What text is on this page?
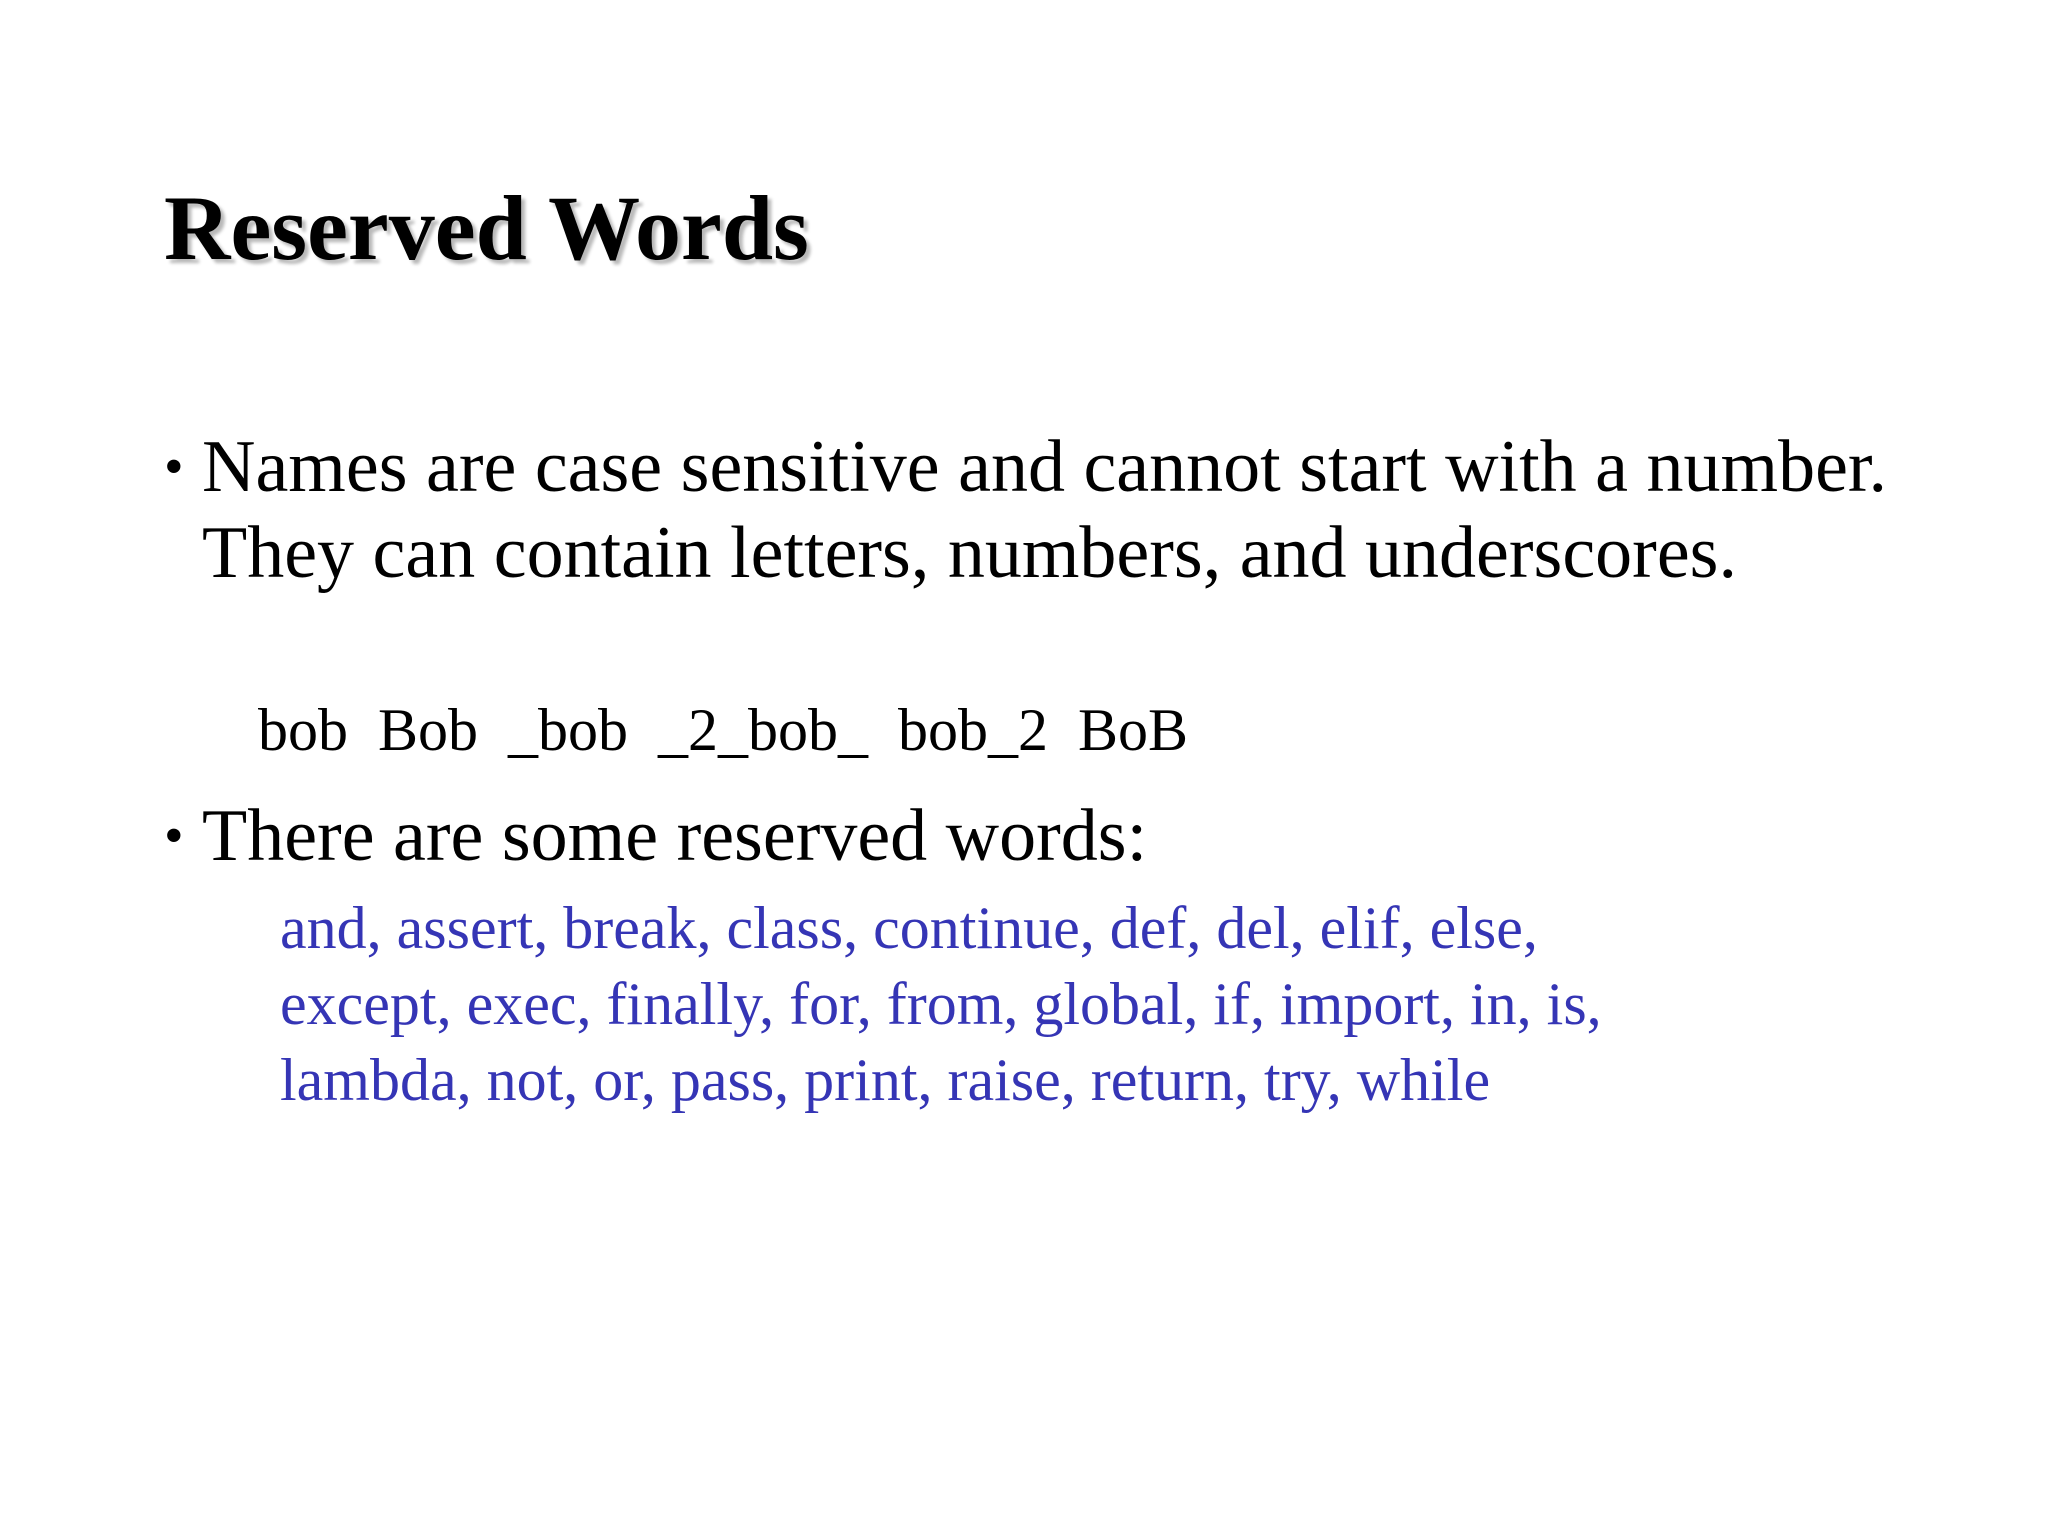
Reserved Words
• Names are case sensitive and cannot start with a number. They can contain letters, numbers, and underscores.
bob  Bob  _bob  _2_bob_  bob_2  BoB
• There are some reserved words:
and, assert, break, class, continue, def, del, elif, else,
except, exec, finally, for, from, global, if, import, in, is,
lambda, not, or, pass, print, raise, return, try, while
